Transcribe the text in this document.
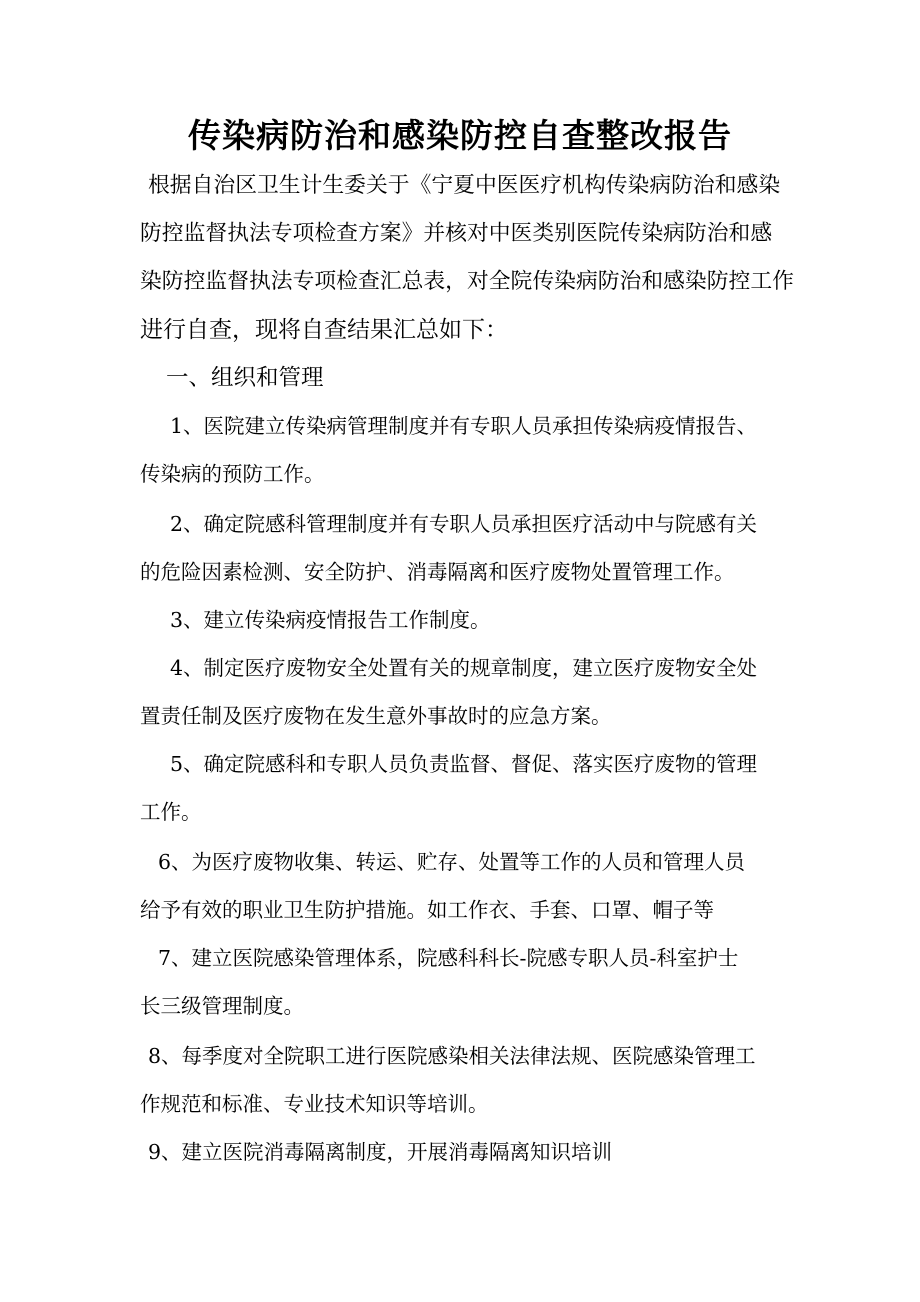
传染病防治和感染防控自查整改报告
根据自治区卫生计生委关于《宁夏中医医疗机构传染病防治和感染
防控监督执法专项检查方案》并核对中医类别医院传染病防治和感
染防控监督执法专项检查汇总表，对全院传染病防治和感染防控工作
进行自查，现将自查结果汇总如下：
一、组织和管理
1、医院建立传染病管理制度并有专职人员承担传染病疫情报告、
传染病的预防工作。
2、确定院感科管理制度并有专职人员承担医疗活动中与院感有关
的危险因素检测、安全防护、消毒隔离和医疗废物处置管理工作。
3、建立传染病疫情报告工作制度。
4、制定医疗废物安全处置有关的规章制度，建立医疗废物安全处
置责任制及医疗废物在发生意外事故时的应急方案。
5、确定院感科和专职人员负责监督、督促、落实医疗废物的管理
工作。
6、为医疗废物收集、转运、贮存、处置等工作的人员和管理人员
给予有效的职业卫生防护措施。如工作衣、手套、口罩、帽子等
7、建立医院感染管理体系，院感科科长-院感专职人员-科室护士
长三级管理制度。
8、每季度对全院职工进行医院感染相关法律法规、医院感染管理工
作规范和标准、专业技术知识等培训。
9、建立医院消毒隔离制度，开展消毒隔离知识培训
